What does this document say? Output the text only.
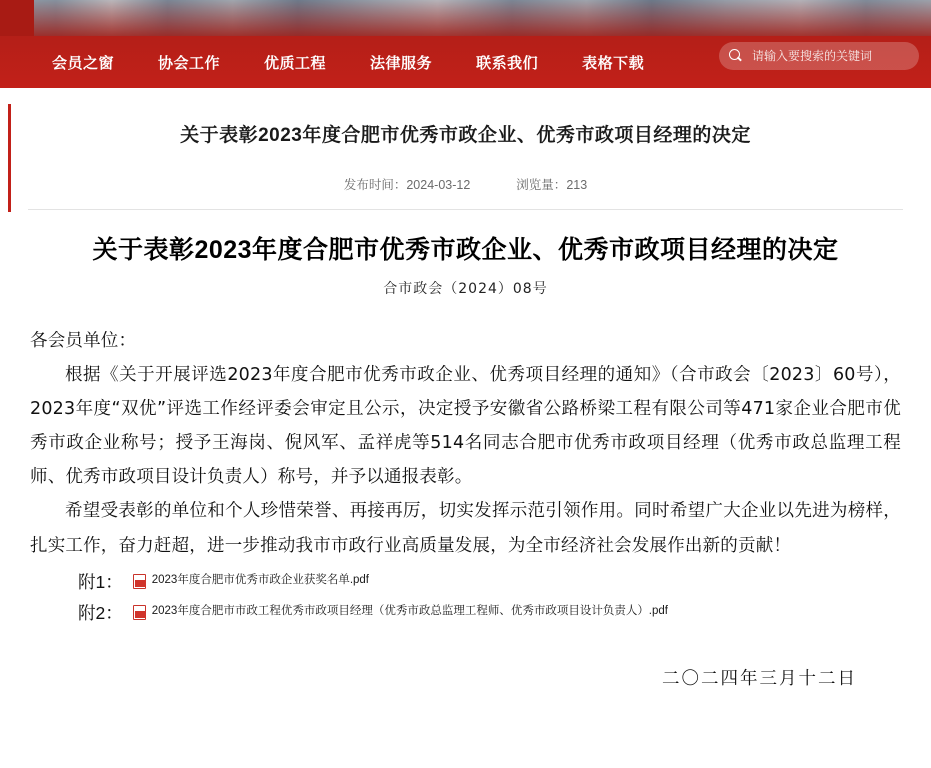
会员之窗	协会工作	优质工程	法律服务	联系我们	表格下载
请输入要搜索的关键词
关于表彰2023年度合肥市优秀市政企业、优秀市政项目经理的决定
发布时间：2024-03-12	浏览量：213
关于表彰2023年度合肥市优秀市政企业、优秀市政项目经理的决定
合市政会（2024）08号
各会员单位：
根据《关于开展评选2023年度合肥市优秀市政企业、优秀项目经理的通知》（合市政会〔2023〕60号），2023年度“双优”评选工作经评委会审定且公示，决定授予安徽省公路桥梁工程有限公司等471家企业合肥市优秀市政企业称号；授予王海岗、倪风军、孟祥虎等514名同志合肥市优秀市政项目经理（优秀市政总监理工程师、优秀市政项目设计负责人）称号，并予以通报表彰。
希望受表彰的单位和个人珍惜荣誉、再接再厉，切实发挥示范引领作用。同时希望广大企业以先进为榜样，扎实工作，奋力赶超，进一步推动我市市政行业高质量发展，为全市经济社会发展作出新的贡献！
附1：	2023年度合肥市优秀市政企业获奖名单.pdf
附2：	2023年度合肥市市政工程优秀市政项目经理（优秀市政总监理工程师、优秀市政项目设计负责人）.pdf
二〇二四年三月十二日
